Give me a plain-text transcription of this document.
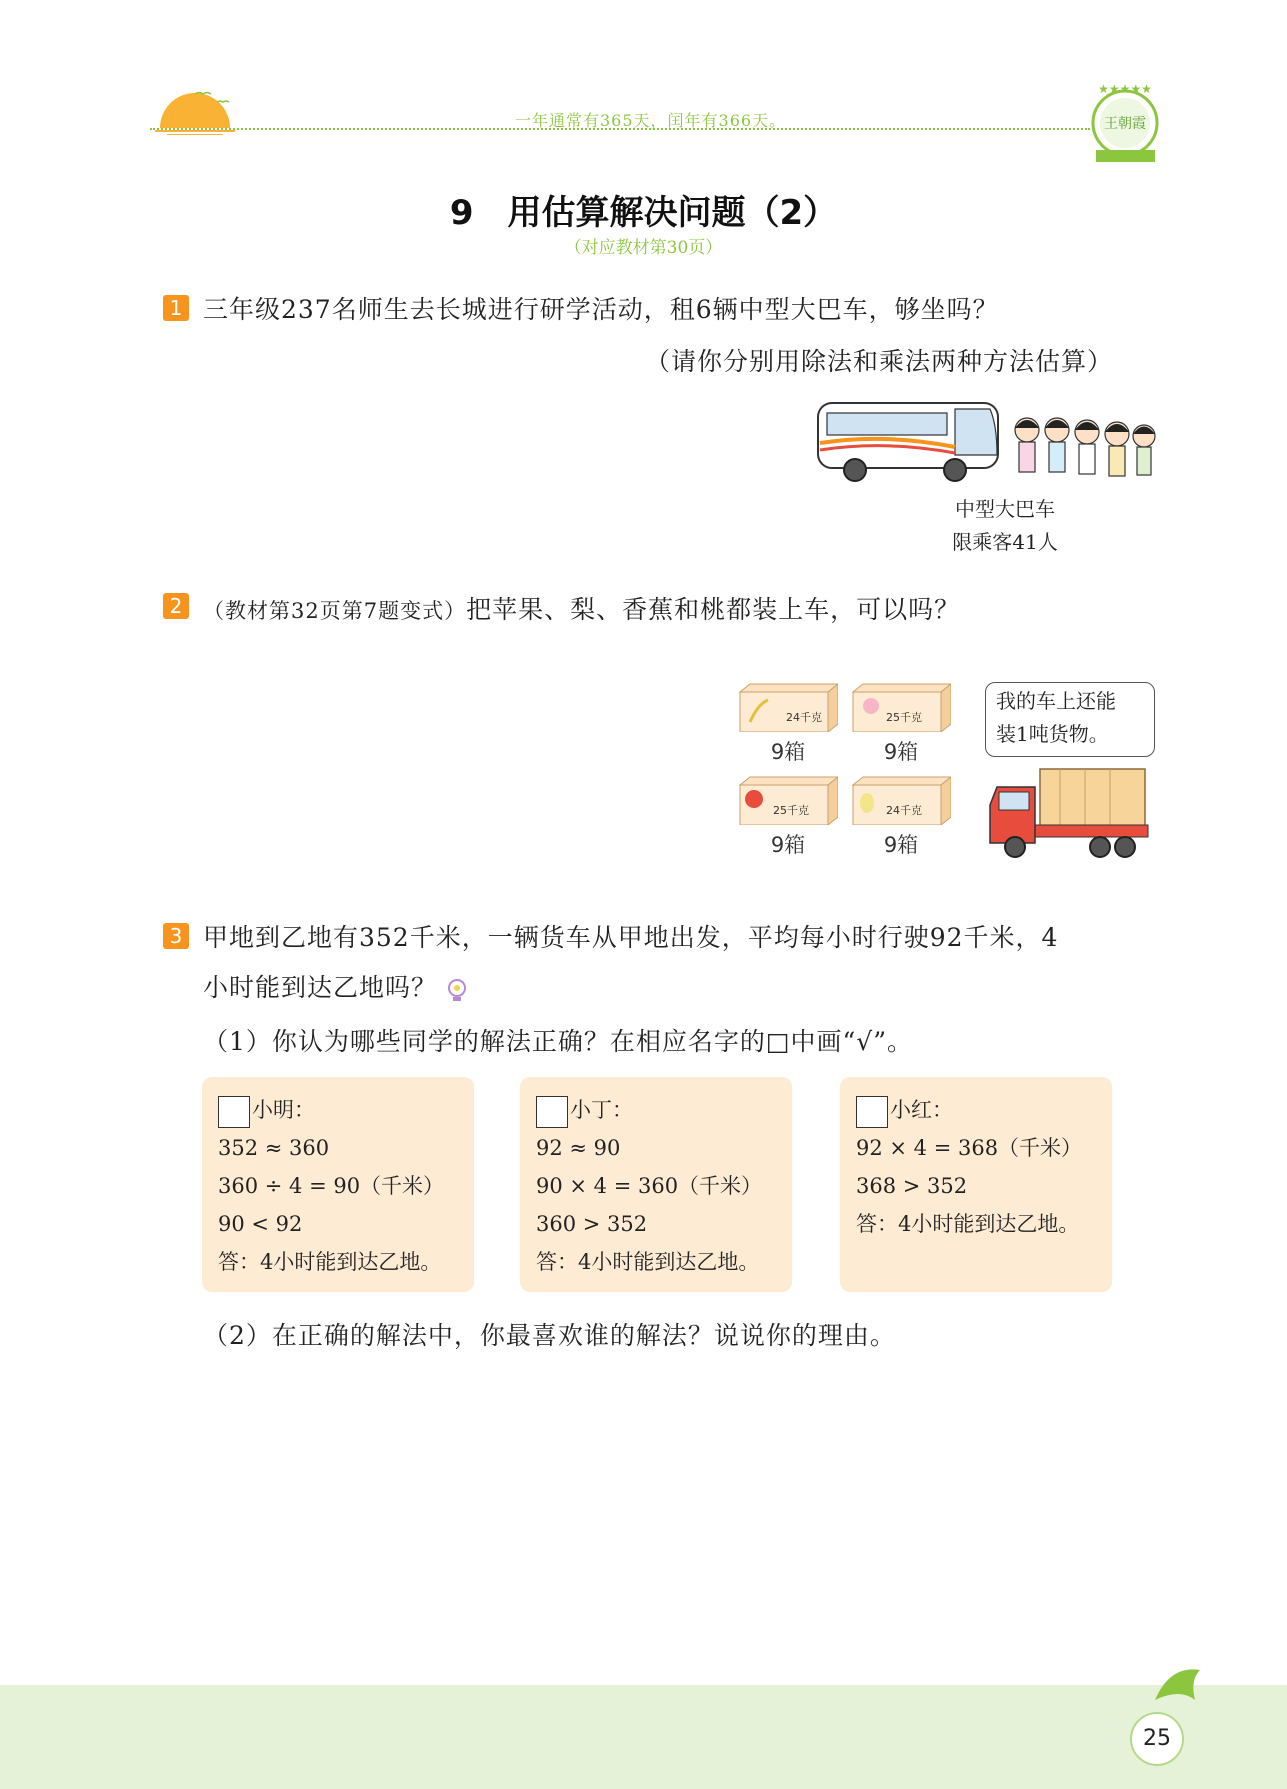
一年通常有365天，闰年有366天。	王朝霞
★★★★★
9　用估算解决问题（2）
（对应教材第30页）
1 三年级237名师生去长城进行研学活动，租6辆中型大巴车，够坐吗？
（请你分别用除法和乘法两种方法估算）
中型大巴车
限乘客41人
2 （教材第32页第7题变式）把苹果、梨、香蕉和桃都装上车，可以吗？
24千克
9箱
25千克
9箱
25千克
9箱
24千克
9箱
我的车上还能
装1吨货物。
3 甲地到乙地有352千米，一辆货车从甲地出发，平均每小时行驶92千米，4
小时能到达乙地吗？
（1）你认为哪些同学的解法正确？在相应名字的□中画“√”。
小明：
352 ≈ 360
360 ÷ 4 = 90（千米）
90 < 92
答：4小时能到达乙地。
小丁：
92 ≈ 90
90 × 4 = 360（千米）
360 > 352
答：4小时能到达乙地。
小红：
92 × 4 = 368（千米）
368 > 352
答：4小时能到达乙地。
（2）在正确的解法中，你最喜欢谁的解法？说说你的理由。
25
